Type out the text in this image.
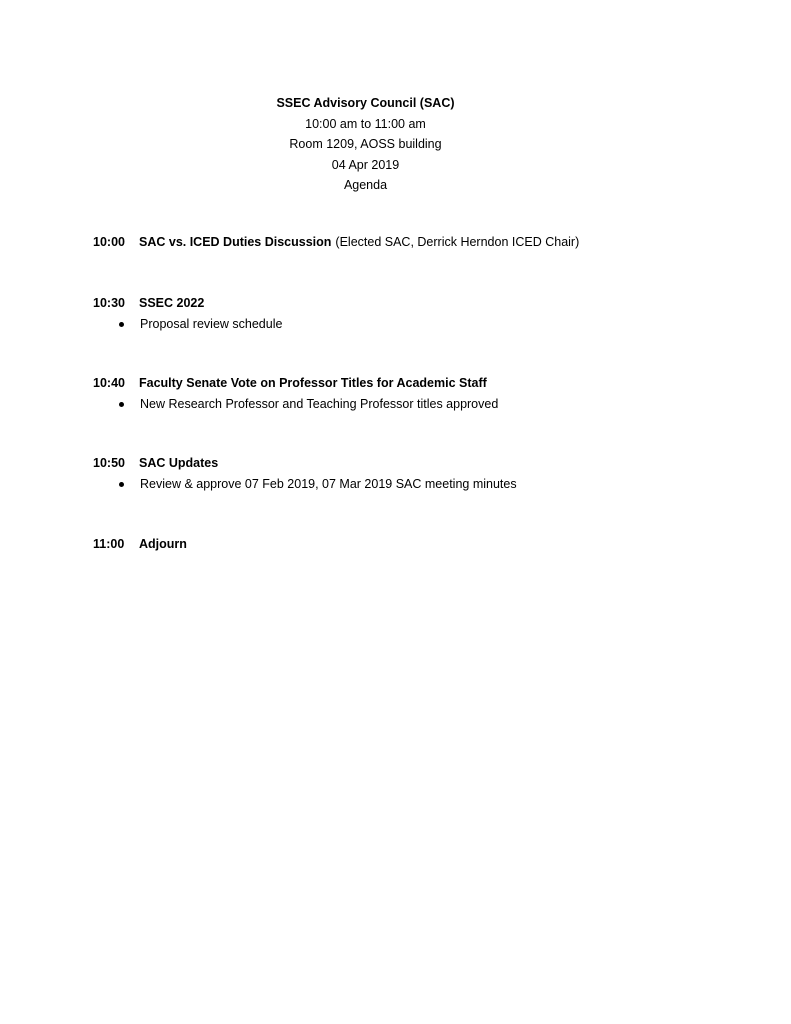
SSEC Advisory Council (SAC)
10:00 am to 11:00 am
Room 1209, AOSS building
04 Apr 2019
Agenda
10:00	SAC vs. ICED Duties Discussion (Elected SAC, Derrick Herndon ICED Chair)
10:30	SSEC 2022
Proposal review schedule
10:40	Faculty Senate Vote on Professor Titles for Academic Staff
New Research Professor and Teaching Professor titles approved
10:50	SAC Updates
Review & approve 07 Feb 2019, 07 Mar 2019 SAC meeting minutes
11:00	Adjourn
